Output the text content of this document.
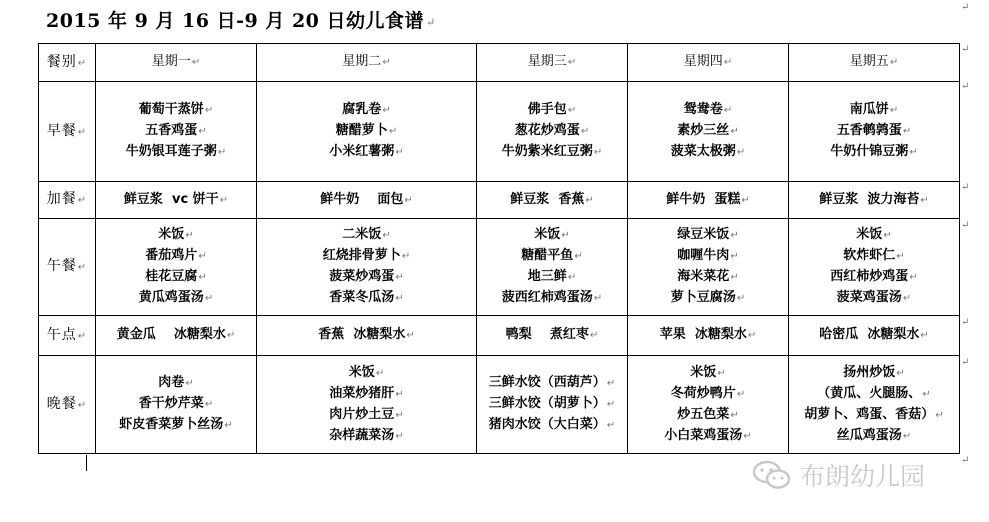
2015 年 9 月 16 日-9 月 20 日幼儿食谱 ↵
餐别 ↵	星期一 ↵	星期二 ↵	星期三 ↵	星期四 ↵	星期五 ↵
早餐 ↵	葡萄干蒸饼 ↵
五香鸡蛋 ↵
牛奶银耳莲子粥 ↵	腐乳卷 ↵
糖醋萝卜 ↵
小米红薯粥 ↵	佛手包 ↵
葱花炒鸡蛋 ↵
牛奶紫米红豆粥 ↵	鸳鸯卷 ↵
素炒三丝 ↵
菠菜太极粥 ↵	南瓜饼 ↵
五香鹌鹑蛋 ↵
牛奶什锦豆粥 ↵

加餐 ↵	鲜豆浆  vc 饼干 ↵	鲜牛奶    面包 ↵	鲜豆浆  香蕉 ↵	鲜牛奶  蛋糕 ↵	鲜豆浆  波力海苔 ↵
午餐 ↵	米饭 ↵
番茄鸡片 ↵
桂花豆腐 ↵
黄瓜鸡蛋汤 ↵	二米饭 ↵
红烧排骨萝卜 ↵
菠菜炒鸡蛋 ↵
香菜冬瓜汤 ↵	米饭 ↵
糖醋平鱼 ↵
地三鲜 ↵
菠西红柿鸡蛋汤 ↵	绿豆米饭 ↵
咖喱牛肉 ↵
海米菜花 ↵
萝卜豆腐汤 ↵	米饭 ↵
软炸虾仁 ↵
西红柿炒鸡蛋 ↵
菠菜鸡蛋汤 ↵

午点 ↵	黄金瓜    冰糖梨水 ↵	香蕉  冰糖梨水 ↵	鸭梨    煮红枣 ↵	苹果  冰糖梨水 ↵	哈密瓜  冰糖梨水 ↵
晚餐 ↵	肉卷 ↵
香干炒芹菜 ↵
虾皮香菜萝卜丝汤 ↵	米饭 ↵
油菜炒猪肝 ↵
肉片炒土豆 ↵
杂样蔬菜汤 ↵	三鲜水饺（西葫芦） ↵
三鲜水饺（胡萝卜） ↵
猪肉水饺（大白菜） ↵	米饭 ↵
冬荷炒鸭片 ↵
炒五色菜 ↵
小白菜鸡蛋汤 ↵	扬州炒饭 ↵
（黄瓜、火腿肠、 ↵
胡萝卜、鸡蛋、香菇） ↵
丝瓜鸡蛋汤 ↵
↵
↵
↵
↵
↵
↵
↵
↵
布朗幼儿园
